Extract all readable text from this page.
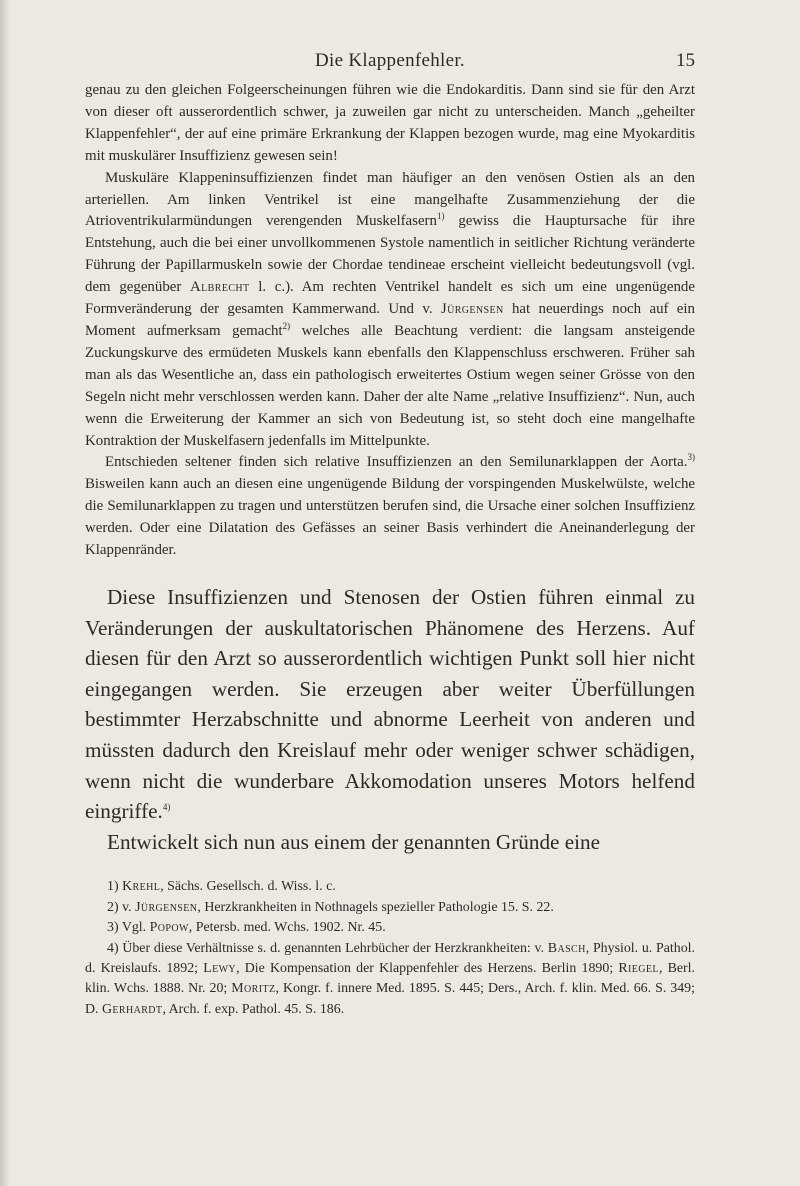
Die Klappenfehler.	15

genau zu den gleichen Folgeerscheinungen führen wie die Endokarditis. Dann sind sie für den Arzt von dieser oft ausserordentlich schwer, ja zuweilen gar nicht zu unterscheiden. Manch „geheilter Klappenfehler“, der auf eine primäre Erkrankung der Klappen bezogen wurde, mag eine Myokarditis mit muskulärer Insuffizienz gewesen sein!

Muskuläre Klappeninsuffizienzen findet man häufiger an den venösen Ostien als an den arteriellen. Am linken Ventrikel ist eine mangelhafte Zusammenziehung der die Atrioventrikularmündungen verengenden Muskelfasern$^{1)}$ gewiss die Hauptursache für ihre Entstehung, auch die bei einer unvollkommenen Systole namentlich in seitlicher Richtung veränderte Führung der Papillarmuskeln sowie der Chordae tendineae erscheint vielleicht bedeutungsvoll (vgl. dem gegenüber Albrecht l. c.). Am rechten Ventrikel handelt es sich um eine ungenügende Formveränderung der gesamten Kammerwand. Und v. Jürgensen hat neuerdings noch auf ein Moment aufmerksam gemacht$^{2)}$ welches alle Beachtung verdient: die langsam ansteigende Zuckungskurve des ermüdeten Muskels kann ebenfalls den Klappenschluss erschweren. Früher sah man als das Wesentliche an, dass ein pathologisch erweitertes Ostium wegen seiner Grösse von den Segeln nicht mehr verschlossen werden kann. Daher der alte Name „relative Insuffizienz“. Nun, auch wenn die Erweiterung der Kammer an sich von Bedeutung ist, so steht doch eine mangelhafte Kontraktion der Muskelfasern jedenfalls im Mittelpunkte.

Entschieden seltener finden sich relative Insuffizienzen an den Semilunarklappen der Aorta.$^{3)}$ Bisweilen kann auch an diesen eine ungenügende Bildung der vorspingenden Muskelwülste, welche die Semilunarklappen zu tragen und unterstützen berufen sind, die Ursache einer solchen Insuffizienz werden. Oder eine Dilatation des Gefässes an seiner Basis verhindert die Aneinanderlegung der Klappenränder.

Diese Insuffizienzen und Stenosen der Ostien führen einmal zu Veränderungen der auskultatorischen Phänomene des Herzens. Auf diesen für den Arzt so ausserordentlich wichtigen Punkt soll hier nicht eingegangen werden. Sie erzeugen aber weiter Überfüllungen bestimmter Herzabschnitte und abnorme Leerheit von anderen und müssten dadurch den Kreislauf mehr oder weniger schwer schädigen, wenn nicht die wunderbare Akkomodation unseres Motors helfend eingriffe.$^{4)}$

Entwickelt sich nun aus einem der genannten Gründe eine

1) Krehl, Sächs. Gesellsch. d. Wiss. l. c.

2) v. Jürgensen, Herzkrankheiten in Nothnagels spezieller Pathologie 15. S. 22.

3) Vgl. Popow, Petersb. med. Wchs. 1902. Nr. 45.

4) Über diese Verhältnisse s. d. genannten Lehrbücher der Herzkrankheiten: v. Basch, Physiol. u. Pathol. d. Kreislaufs. 1892; Lewy, Die Kompensation der Klappenfehler des Herzens. Berlin 1890; Riegel, Berl. klin. Wchs. 1888. Nr. 20; Moritz, Kongr. f. innere Med. 1895. S. 445; Ders., Arch. f. klin. Med. 66. S. 349; D. Gerhardt, Arch. f. exp. Pathol. 45. S. 186.
